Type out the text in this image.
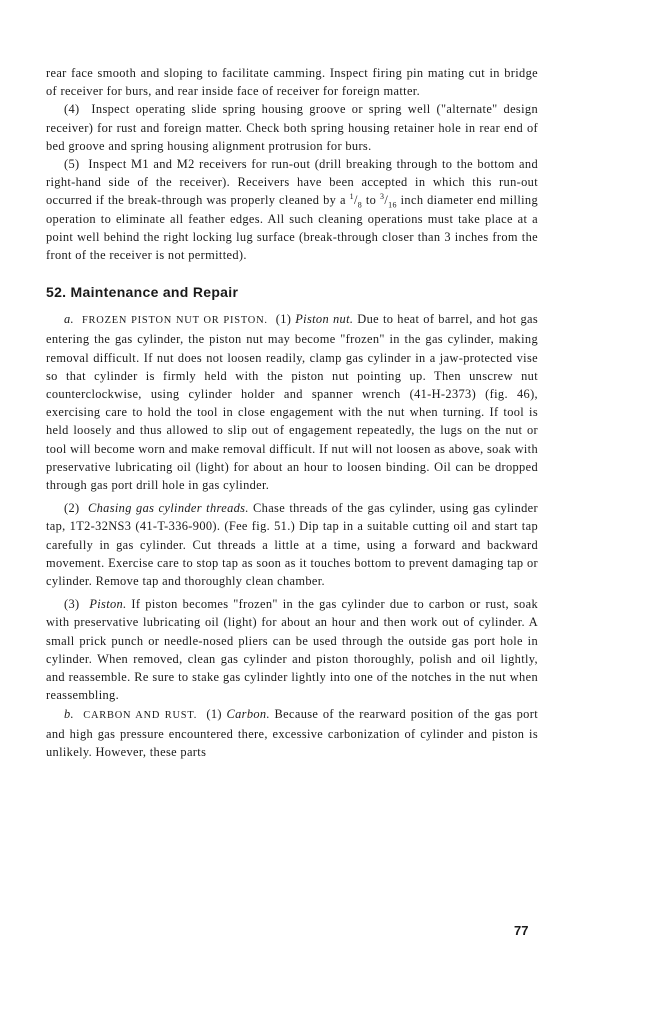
rear face smooth and sloping to facilitate camming. Inspect firing pin mating cut in bridge of receiver for burs, and rear inside face of receiver for foreign matter.

(4) Inspect operating slide spring housing groove or spring well ("alternate" design receiver) for rust and foreign matter. Check both spring housing retainer hole in rear end of bed groove and spring housing alignment protrusion for burs.

(5) Inspect M1 and M2 receivers for run-out (drill breaking through to the bottom and right-hand side of the receiver). Receivers have been accepted in which this run-out occurred if the break-through was properly cleaned by a $^1/_8$ to $^3/_{16}$ inch diameter end milling operation to eliminate all feather edges. All such cleaning operations must take place at a point well behind the right locking lug surface (break-through closer than 3 inches from the front of the receiver is not permitted).

52. Maintenance and Repair

a. FROZEN PISTON NUT OR PISTON. (1) Piston nut. Due to heat of barrel, and hot gas entering the gas cylinder, the piston nut may become "frozen" in the gas cylinder, making removal difficult. If nut does not loosen readily, clamp gas cylinder in a jaw-protected vise so that cylinder is firmly held with the piston nut pointing up. Then unscrew nut counterclockwise, using cylinder holder and spanner wrench (41-H-2373) (fig. 46), exercising care to hold the tool in close engagement with the nut when turning. If tool is held loosely and thus allowed to slip out of engagement repeatedly, the lugs on the nut or tool will become worn and make removal difficult. If nut will not loosen as above, soak with preservative lubricating oil (light) for about an hour to loosen binding. Oil can be dropped through gas port drill hole in gas cylinder.

(2) Chasing gas cylinder threads. Chase threads of the gas cylinder, using gas cylinder tap, 1T2-32NS3 (41-T-336-900). (Fee fig. 51.) Dip tap in a suitable cutting oil and start tap carefully in gas cylinder. Cut threads a little at a time, using a forward and backward movement. Exercise care to stop tap as soon as it touches bottom to prevent damaging tap or cylinder. Remove tap and thoroughly clean chamber.

(3) Piston. If piston becomes "frozen" in the gas cylinder due to carbon or rust, soak with preservative lubricating oil (light) for about an hour and then work out of cylinder. A small prick punch or needle-nosed pliers can be used through the outside gas port hole in cylinder. When removed, clean gas cylinder and piston thoroughly, polish and oil lightly, and reassemble. Re sure to stake gas cylinder lightly into one of the notches in the nut when reassembling.

b. CARBON AND RUST. (1) Carbon. Because of the rearward position of the gas port and high gas pressure encountered there, excessive carbonization of cylinder and piston is unlikely. However, these parts

77
